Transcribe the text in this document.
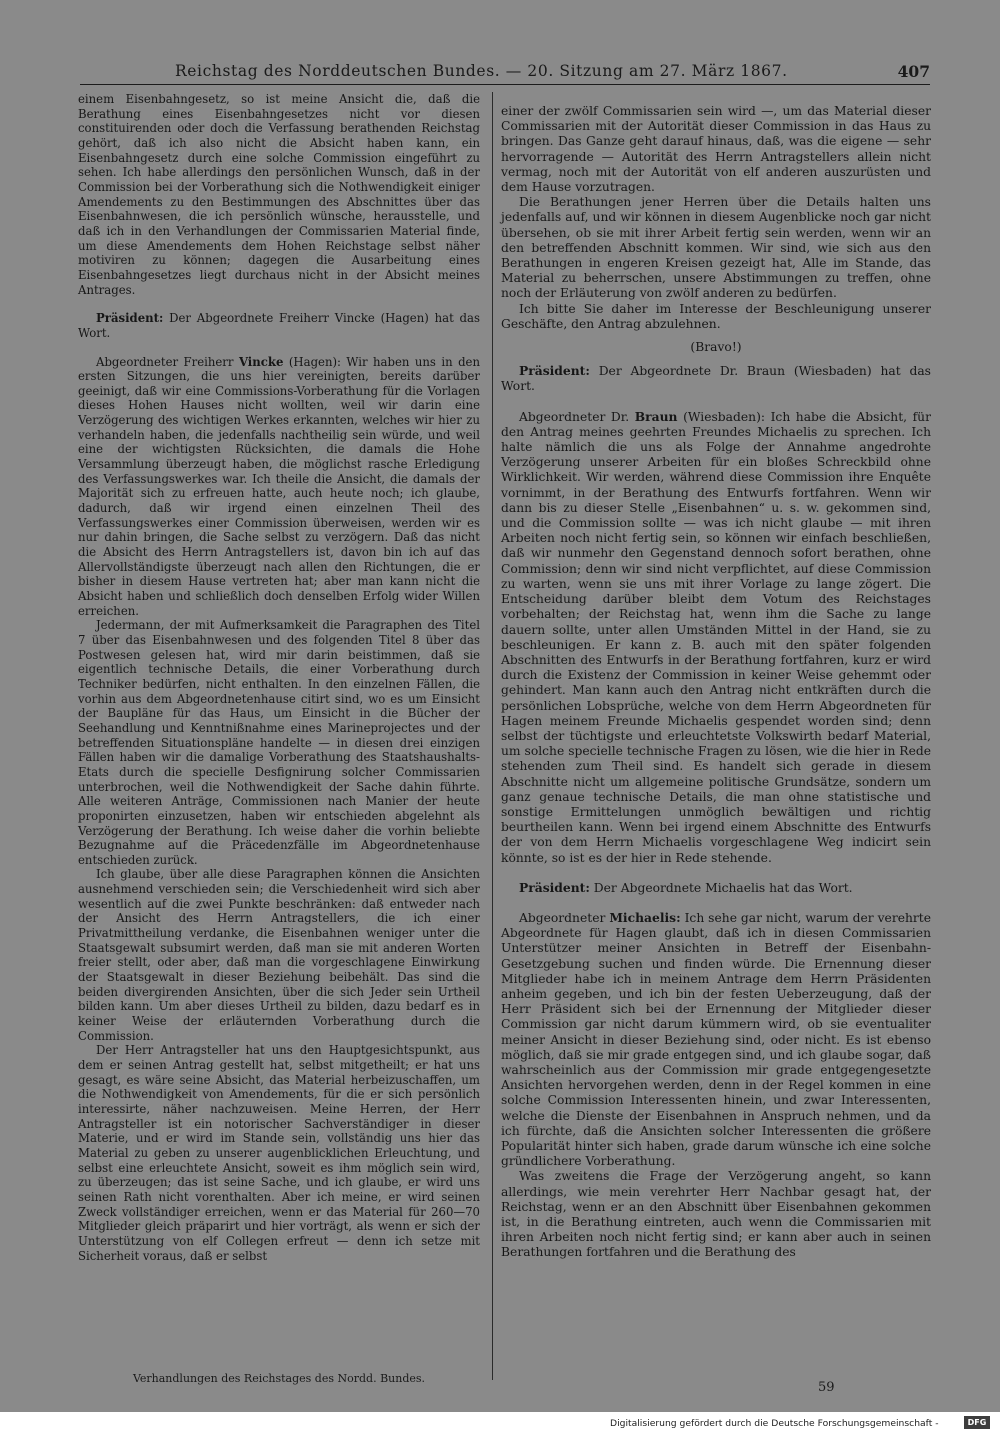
Reichstag des Norddeutschen Bundes. — 20. Sitzung am 27. März 1867.	407

einem Eisenbahngesetz, so ist meine Ansicht die, daß die Berathung eines Eisenbahngesetzes nicht vor diesen constituirenden oder doch die Verfassung berathenden Reichstag gehört, daß ich also nicht die Absicht haben kann, ein Eisenbahngesetz durch eine solche Commission eingeführt zu sehen. Ich habe allerdings den persönlichen Wunsch, daß in der Commission bei der Vorberathung sich die Nothwendigkeit einiger Amendements zu den Bestimmungen des Abschnittes über das Eisenbahnwesen, die ich persönlich wünsche, herausstelle, und daß ich in den Verhandlungen der Commissarien Material finde, um diese Amendements dem Hohen Reichstage selbst näher motiviren zu können; dagegen die Ausarbeitung eines Eisenbahngesetzes liegt durchaus nicht in der Absicht meines Antrages.

Präsident: Der Abgeordnete Freiherr Vincke (Hagen) hat das Wort.

Abgeordneter Freiherr Vincke (Hagen): Wir haben uns in den ersten Sitzungen, die uns hier vereinigten, bereits darüber geeinigt, daß wir eine Commissions-Vorberathung für die Vorlagen dieses Hohen Hauses nicht wollten, weil wir darin eine Verzögerung des wichtigen Werkes erkannten, welches wir hier zu verhandeln haben, die jedenfalls nachtheilig sein würde, und weil eine der wichtigsten Rücksichten, die damals die Hohe Versammlung überzeugt haben, die möglichst rasche Erledigung des Verfassungswerkes war. Ich theile die Ansicht, die damals der Majorität sich zu erfreuen hatte, auch heute noch; ich glaube, dadurch, daß wir irgend einen einzelnen Theil des Verfassungswerkes einer Commission überweisen, werden wir es nur dahin bringen, die Sache selbst zu verzögern. Daß das nicht die Absicht des Herrn Antragstellers ist, davon bin ich auf das Allervollständigste überzeugt nach allen den Richtungen, die er bisher in diesem Hause vertreten hat; aber man kann nicht die Absicht haben und schließlich doch denselben Erfolg wider Willen erreichen.

Jedermann, der mit Aufmerksamkeit die Paragraphen des Titel 7 über das Eisenbahnwesen und des folgenden Titel 8 über das Postwesen gelesen hat, wird mir darin beistimmen, daß sie eigentlich technische Details, die einer Vorberathung durch Techniker bedürfen, nicht enthalten. In den einzelnen Fällen, die vorhin aus dem Abgeordnetenhause citirt sind, wo es um Einsicht der Baupläne für das Haus, um Einsicht in die Bücher der Seehandlung und Kenntnißnahme eines Marineprojectes und der betreffenden Situationspläne handelte — in diesen drei einzigen Fällen haben wir die damalige Vorberathung des Staatshaushalts-Etats durch die specielle Desfignirung solcher Commissarien unterbrochen, weil die Nothwendigkeit der Sache dahin führte. Alle weiteren Anträge, Commissionen nach Manier der heute proponirten einzusetzen, haben wir entschieden abgelehnt als Verzögerung der Berathung. Ich weise daher die vorhin beliebte Bezugnahme auf die Präcedenzfälle im Abgeordnetenhause entschieden zurück.

Ich glaube, über alle diese Paragraphen können die Ansichten ausnehmend verschieden sein; die Verschiedenheit wird sich aber wesentlich auf die zwei Punkte beschränken: daß entweder nach der Ansicht des Herrn Antragstellers, die ich einer Privatmittheilung verdanke, die Eisenbahnen weniger unter die Staatsgewalt subsumirt werden, daß man sie mit anderen Worten freier stellt, oder aber, daß man die vorgeschlagene Einwirkung der Staatsgewalt in dieser Beziehung beibehält. Das sind die beiden divergirenden Ansichten, über die sich Jeder sein Urtheil bilden kann. Um aber dieses Urtheil zu bilden, dazu bedarf es in keiner Weise der erläuternden Vorberathung durch die Commission.

Der Herr Antragsteller hat uns den Hauptgesichtspunkt, aus dem er seinen Antrag gestellt hat, selbst mitgetheilt; er hat uns gesagt, es wäre seine Absicht, das Material herbeizuschaffen, um die Nothwendigkeit von Amendements, für die er sich persönlich interessirte, näher nachzuweisen. Meine Herren, der Herr Antragsteller ist ein notorischer Sachverständiger in dieser Materie, und er wird im Stande sein, vollständig uns hier das Material zu geben zu unserer augenblicklichen Erleuchtung, und selbst eine erleuchtete Ansicht, soweit es ihm möglich sein wird, zu überzeugen; das ist seine Sache, und ich glaube, er wird uns seinen Rath nicht vorenthalten. Aber ich meine, er wird seinen Zweck vollständiger erreichen, wenn er das Material für 260—70 Mitglieder gleich präparirt und hier vorträgt, als wenn er sich der Unterstützung von elf Collegen erfreut — denn ich setze mit Sicherheit voraus, daß er selbst

einer der zwölf Commissarien sein wird —, um das Material dieser Commissarien mit der Autorität dieser Commission in das Haus zu bringen. Das Ganze geht darauf hinaus, daß, was die eigene — sehr hervorragende — Autorität des Herrn Antragstellers allein nicht vermag, noch mit der Autorität von elf anderen auszurüsten und dem Hause vorzutragen.

Die Berathungen jener Herren über die Details halten uns jedenfalls auf, und wir können in diesem Augenblicke noch gar nicht übersehen, ob sie mit ihrer Arbeit fertig sein werden, wenn wir an den betreffenden Abschnitt kommen. Wir sind, wie sich aus den Berathungen in engeren Kreisen gezeigt hat, Alle im Stande, das Material zu beherrschen, unsere Abstimmungen zu treffen, ohne noch der Erläuterung von zwölf anderen zu bedürfen.

Ich bitte Sie daher im Interesse der Beschleunigung unserer Geschäfte, den Antrag abzulehnen.

(Bravo!)

Präsident: Der Abgeordnete Dr. Braun (Wiesbaden) hat das Wort.

Abgeordneter Dr. Braun (Wiesbaden): Ich habe die Absicht, für den Antrag meines geehrten Freundes Michaelis zu sprechen. Ich halte nämlich die uns als Folge der Annahme angedrohte Verzögerung unserer Arbeiten für ein bloßes Schreckbild ohne Wirklichkeit. Wir werden, während diese Commission ihre Enquête vornimmt, in der Berathung des Entwurfs fortfahren. Wenn wir dann bis zu dieser Stelle „Eisenbahnen“ u. s. w. gekommen sind, und die Commission sollte — was ich nicht glaube — mit ihren Arbeiten noch nicht fertig sein, so können wir einfach beschließen, daß wir nunmehr den Gegenstand dennoch sofort berathen, ohne Commission; denn wir sind nicht verpflichtet, auf diese Commission zu warten, wenn sie uns mit ihrer Vorlage zu lange zögert. Die Entscheidung darüber bleibt dem Votum des Reichstages vorbehalten; der Reichstag hat, wenn ihm die Sache zu lange dauern sollte, unter allen Umständen Mittel in der Hand, sie zu beschleunigen. Er kann z. B. auch mit den später folgenden Abschnitten des Entwurfs in der Berathung fortfahren, kurz er wird durch die Existenz der Commission in keiner Weise gehemmt oder gehindert. Man kann auch den Antrag nicht entkräften durch die persönlichen Lobsprüche, welche von dem Herrn Abgeordneten für Hagen meinem Freunde Michaelis gespendet worden sind; denn selbst der tüchtigste und erleuchtetste Volkswirth bedarf Material, um solche specielle technische Fragen zu lösen, wie die hier in Rede stehenden zum Theil sind. Es handelt sich gerade in diesem Abschnitte nicht um allgemeine politische Grundsätze, sondern um ganz genaue technische Details, die man ohne statistische und sonstige Ermittelungen unmöglich bewältigen und richtig beurtheilen kann. Wenn bei irgend einem Abschnitte des Entwurfs der von dem Herrn Michaelis vorgeschlagene Weg indicirt sein könnte, so ist es der hier in Rede stehende.

Präsident: Der Abgeordnete Michaelis hat das Wort.

Abgeordneter Michaelis: Ich sehe gar nicht, warum der verehrte Abgeordnete für Hagen glaubt, daß ich in diesen Commissarien Unterstützer meiner Ansichten in Betreff der Eisenbahn-Gesetzgebung suchen und finden würde. Die Ernennung dieser Mitglieder habe ich in meinem Antrage dem Herrn Präsidenten anheim gegeben, und ich bin der festen Ueberzeugung, daß der Herr Präsident sich bei der Ernennung der Mitglieder dieser Commission gar nicht darum kümmern wird, ob sie eventualiter meiner Ansicht in dieser Beziehung sind, oder nicht. Es ist ebenso möglich, daß sie mir grade entgegen sind, und ich glaube sogar, daß wahrscheinlich aus der Commission mir grade entgegengesetzte Ansichten hervorgehen werden, denn in der Regel kommen in eine solche Commission Interessenten hinein, und zwar Interessenten, welche die Dienste der Eisenbahnen in Anspruch nehmen, und da ich fürchte, daß die Ansichten solcher Interessenten die größere Popularität hinter sich haben, grade darum wünsche ich eine solche gründlichere Vorberathung.

Was zweitens die Frage der Verzögerung angeht, so kann allerdings, wie mein verehrter Herr Nachbar gesagt hat, der Reichstag, wenn er an den Abschnitt über Eisenbahnen gekommen ist, in die Berathung eintreten, auch wenn die Commissarien mit ihren Arbeiten noch nicht fertig sind; er kann aber auch in seinen Berathungen fortfahren und die Berathung des

Verhandlungen des Reichstages des Nordd. Bundes.
59
Digitalisierung gefördert durch die Deutsche Forschungsgemeinschaft -	DFG
